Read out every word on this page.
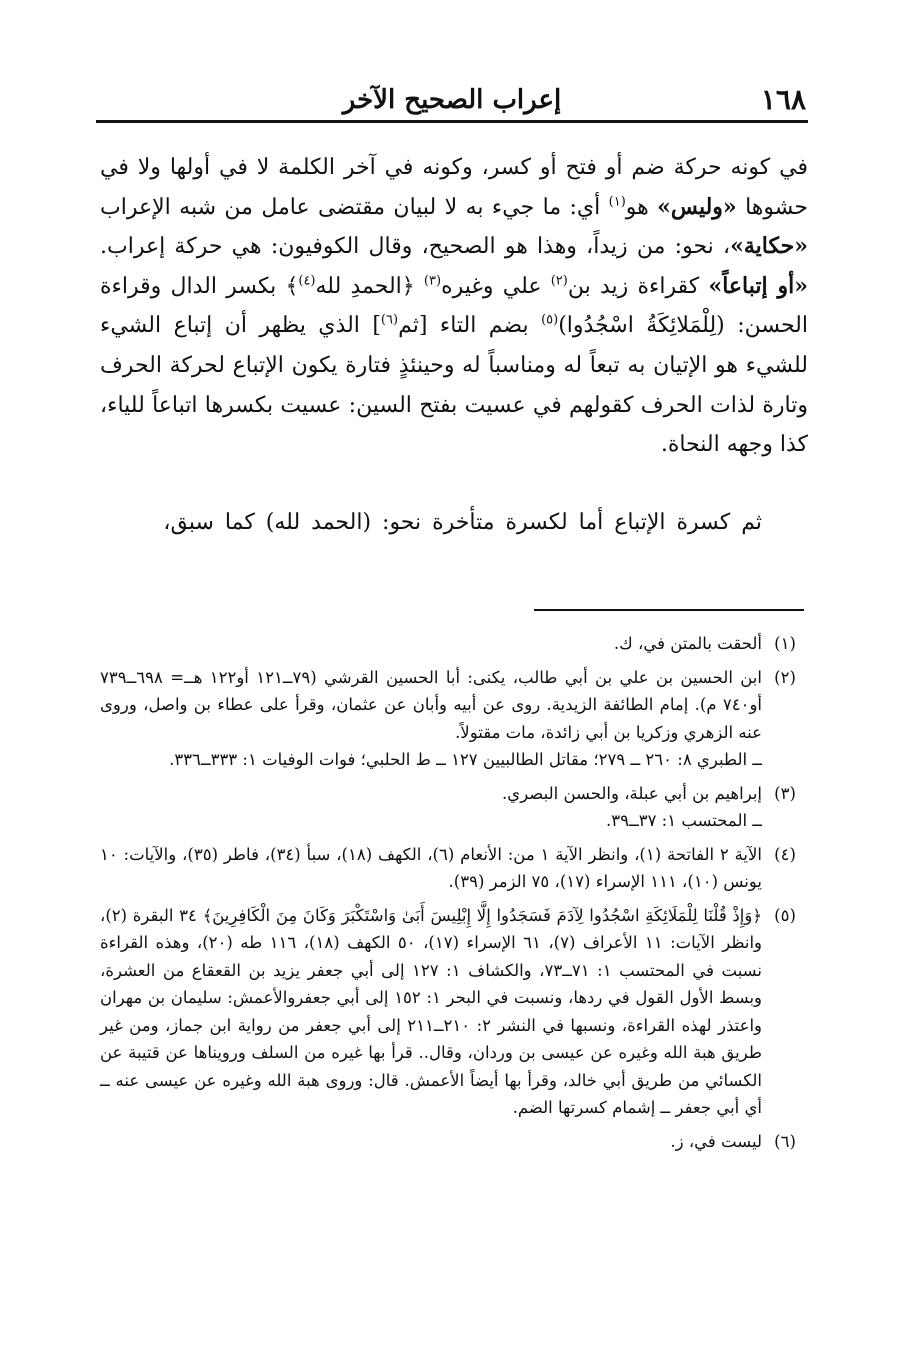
١٦٨
إعراب الصحيح الآخر

في كونه حركة ضم أو فتح أو كسر، وكونه في آخر الكلمة لا في أولها ولا في حشوها «وليس» هو$^{(١)}$ أي: ما جيء به لا لبيان مقتضى عامل من شبه الإعراب «حكاية»، نحو: من زيداً، وهذا هو الصحيح، وقال الكوفيون: هي حركة إعراب. «أو إتباعاً» كقراءة زيد بن$^{(٢)}$ علي وغيره$^{(٣)}$ ﴿الحمدِ لله$^{(٤)}$﴾ بكسر الدال وقراءة الحسن: (لِلْمَلائِكَةُ اسْجُدُوا)$^{(٥)}$ بضم التاء [ثم$^{(٦)}$] الذي يظهر أن إتباع الشيء للشيء هو الإتيان به تبعاً له ومناسباً له وحينئذٍ فتارة يكون الإتباع لحركة الحرف وتارة لذات الحرف كقولهم في عسيت بفتح السين: عسيت بكسرها اتباعاً للياء، كذا وجهه النحاة.

ثم كسرة الإتباع أما لكسرة متأخرة نحو: (الحمد لله) كما سبق،
(١)

ألحقت بالمتن في، ك.

(٢)

ابن الحسين بن علي بن أبي طالب، يكنى: أبا الحسين القرشي (٧٩ــ١٢١ أو١٢٢ هــ= ٦٩٨ــ٧٣٩ أو٧٤٠ م). إمام الطائفة الزيدية. روى عن أبيه وأبان عن عثمان، وقرأ على عطاء بن واصل، وروى عنه الزهري وزكريا بن أبي زائدة، مات مقتولاً.

ــ الطبري ٨: ٢٦٠ ــ ٢٧٩؛ مقاتل الطالبيين ١٢٧ ــ ط الحلبي؛ فوات الوفيات ١: ٣٣٣ــ٣٣٦.

(٣)

إبراهيم بن أبي عبلة، والحسن البصري.

ــ المحتسب ١: ٣٧ــ٣٩.

(٤)

الآية ٢ الفاتحة (١)، وانظر الآية ١ من: الأنعام (٦)، الكهف (١٨)، سبأ (٣٤)، فاطر (٣٥)، والآيات: ١٠ يونس (١٠)، ١١١ الإسراء (١٧)، ٧٥ الزمر (٣٩).

(٥)

﴿وَإِذْ قُلْنَا لِلْمَلَائِكَةِ اسْجُدُوا لِآدَمَ فَسَجَدُوا إِلَّا إِبْلِيسَ أَبَىٰ وَاسْتَكْبَرَ وَكَانَ مِنَ الْكَافِرِينَ﴾ ٣٤ البقرة (٢)، وانظر الآيات: ١١ الأعراف (٧)، ٦١ الإسراء (١٧)، ٥٠ الكهف (١٨)، ١١٦ طه (٢٠)، وهذه القراءة نسبت في المحتسب ١: ٧١ــ٧٣، والكشاف ١: ١٢٧ إلى أبي جعفر يزيد بن القعقاع من العشرة، وبسط الأول القول في ردها، ونسبت في البحر ١: ١٥٢ إلى أبي جعفروالأعمش: سليمان بن مهران واعتذر لهذه القراءة، ونسبها في النشر ٢: ٢١٠ــ٢١١ إلى أبي جعفر من رواية ابن جماز، ومن غير طريق هبة الله وغيره عن عيسى بن وردان، وقال.. قرأ بها غيره من السلف ورويناها عن قتيبة عن الكسائي من طريق أبي خالد، وقرأ بها أيضاً الأعمش. قال: وروى هبة الله وغيره عن عيسى عنه ــ أي أبي جعفر ــ إشمام كسرتها الضم.

(٦)

ليست في، ز.
